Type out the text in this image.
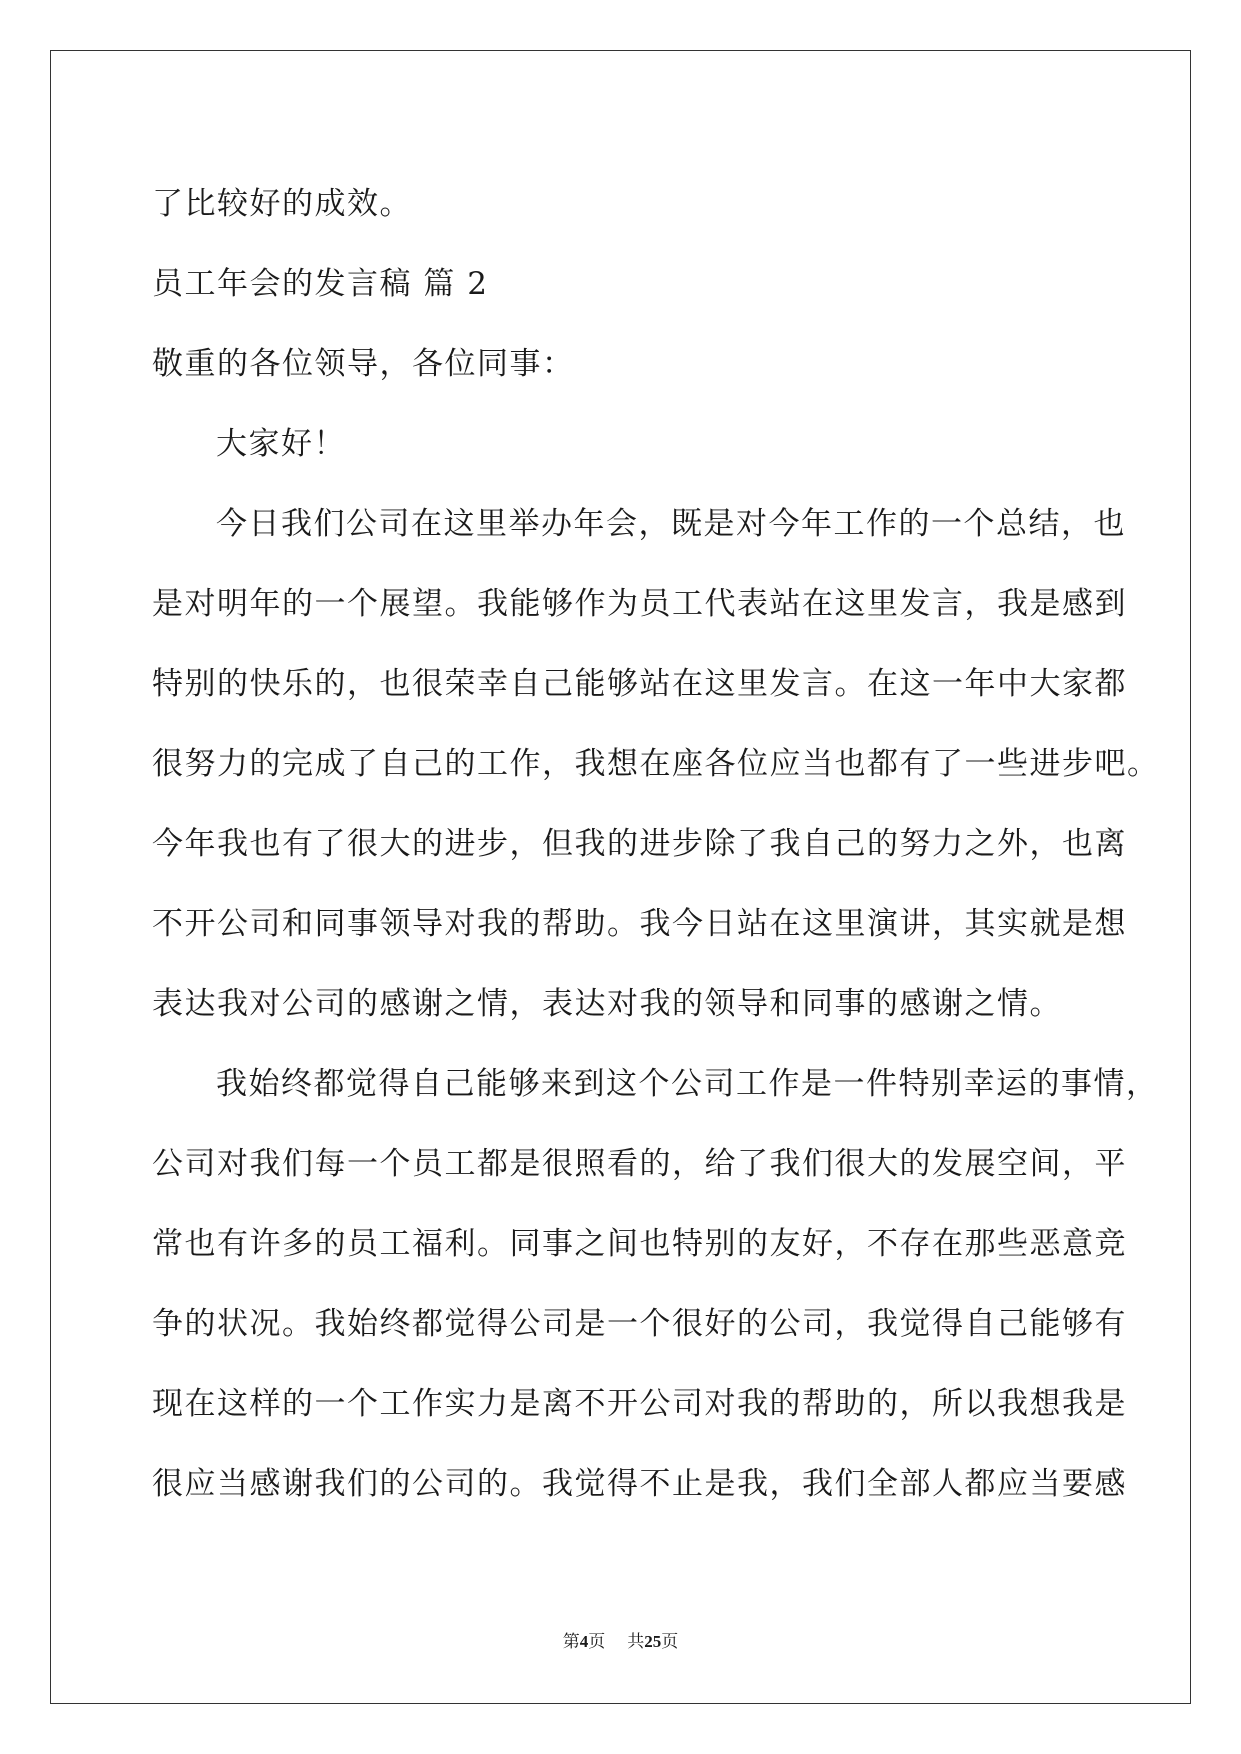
了比较好的成效。
员工年会的发言稿 篇 2
敬重的各位领导，各位同事：
大家好！
今日我们公司在这里举办年会，既是对今年工作的一个总结，也
是对明年的一个展望。我能够作为员工代表站在这里发言，我是感到
特别的快乐的，也很荣幸自己能够站在这里发言。在这一年中大家都
很努力的完成了自己的工作，我想在座各位应当也都有了一些进步吧。
今年我也有了很大的进步，但我的进步除了我自己的努力之外，也离
不开公司和同事领导对我的帮助。我今日站在这里演讲，其实就是想
表达我对公司的感谢之情，表达对我的领导和同事的感谢之情。
我始终都觉得自己能够来到这个公司工作是一件特别幸运的事情，
公司对我们每一个员工都是很照看的，给了我们很大的发展空间，平
常也有许多的员工福利。同事之间也特别的友好，不存在那些恶意竞
争的状况。我始终都觉得公司是一个很好的公司，我觉得自己能够有
现在这样的一个工作实力是离不开公司对我的帮助的，所以我想我是
很应当感谢我们的公司的。我觉得不止是我，我们全部人都应当要感
第4页 共25页
